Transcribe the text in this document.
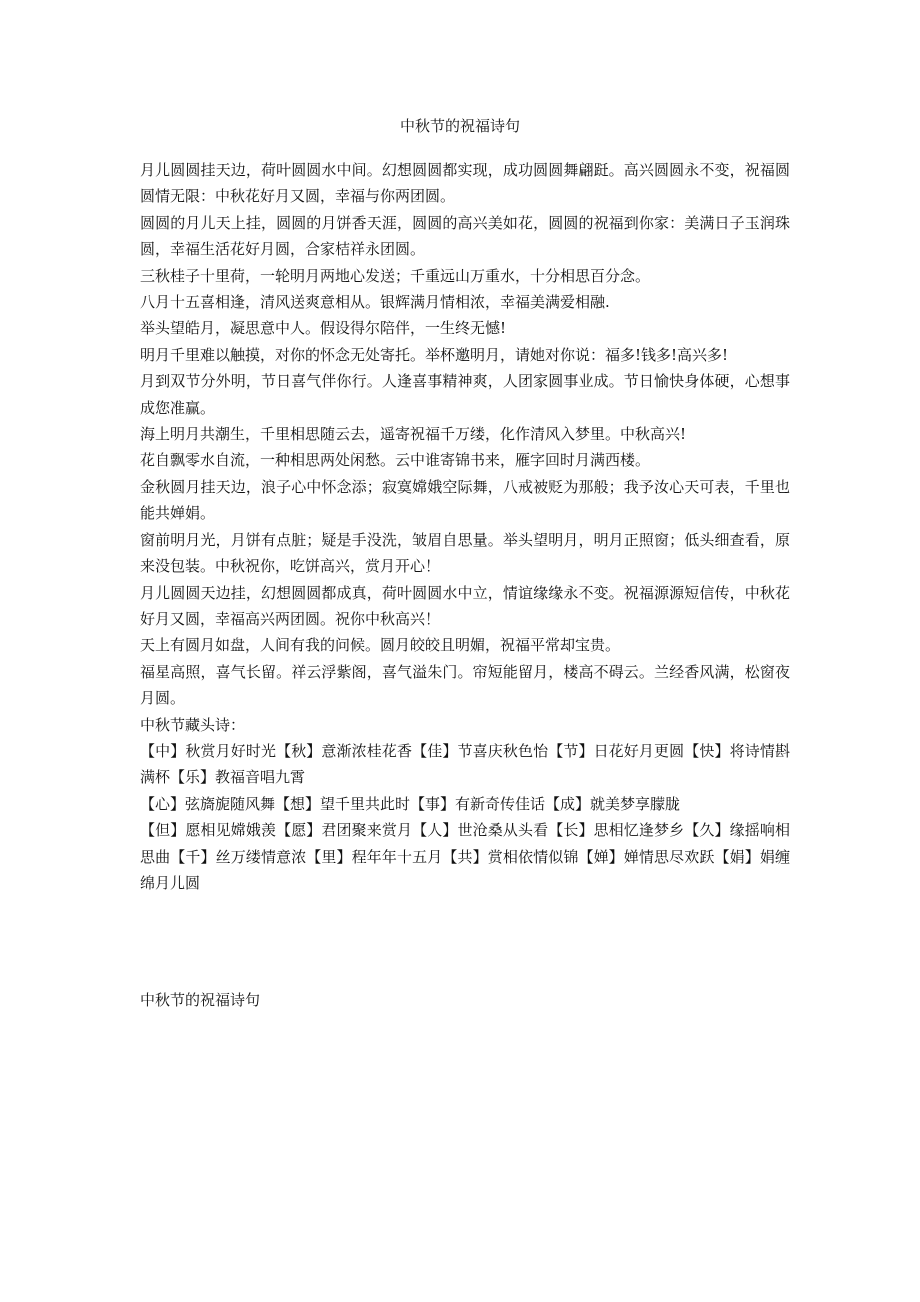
中秋节的祝福诗句

月儿圆圆挂天边，荷叶圆圆水中间。幻想圆圆都实现，成功圆圆舞翩跹。高兴圆圆永不变，祝福圆圆情无限：中秋花好月又圆，幸福与你两团圆。

圆圆的月儿天上挂，圆圆的月饼香天涯，圆圆的高兴美如花，圆圆的祝福到你家：美满日子玉润珠圆，幸福生活花好月圆，合家桔祥永团圆。

三秋桂子十里荷，一轮明月两地心发送；千重远山万重水，十分相思百分念。

八月十五喜相逢，清风送爽意相从。银辉满月情相浓，幸福美满爱相融.

举头望皓月，凝思意中人。假设得尔陪伴，一生终无憾!

明月千里难以触摸，对你的怀念无处寄托。举杯邀明月，请她对你说：福多!钱多!高兴多!

月到双节分外明，节日喜气伴你行。人逢喜事精神爽，人团家圆事业成。节日愉快身体硬，心想事成您准赢。

海上明月共潮生，千里相思随云去，遥寄祝福千万缕，化作清风入梦里。中秋高兴!

花自飘零水自流，一种相思两处闲愁。云中谁寄锦书来，雁字回时月满西楼。

金秋圆月挂天边，浪子心中怀念添；寂寞嫦娥空际舞，八戒被贬为那般；我予汝心天可表，千里也能共婵娟。

窗前明月光，月饼有点脏；疑是手没洗，皱眉自思量。举头望明月，明月正照窗；低头细查看，原来没包装。中秋祝你，吃饼高兴，赏月开心！

月儿圆圆天边挂，幻想圆圆都成真，荷叶圆圆水中立，情谊缘缘永不变。祝福源源短信传，中秋花好月又圆，幸福高兴两团圆。祝你中秋高兴！

天上有圆月如盘，人间有我的问候。圆月皎皎且明媚，祝福平常却宝贵。

福星高照，喜气长留。祥云浮紫阁，喜气溢朱门。帘短能留月，楼高不碍云。兰经香风满，松窗夜月圆。

中秋节藏头诗：

【中】秋赏月好时光【秋】意渐浓桂花香【佳】节喜庆秋色怡【节】日花好月更圆【快】将诗情斟满杯【乐】教福音唱九霄

【心】弦旖旎随风舞【想】望千里共此时【事】有新奇传佳话【成】就美梦享朦胧

【但】愿相见嫦娥羡【愿】君团聚来赏月【人】世沧桑从头看【长】思相忆逢梦乡【久】缘摇响相思曲【千】丝万缕情意浓【里】程年年十五月【共】赏相依情似锦【婵】婵情思尽欢跃【娟】娟缠绵月儿圆

中秋节的祝福诗句
